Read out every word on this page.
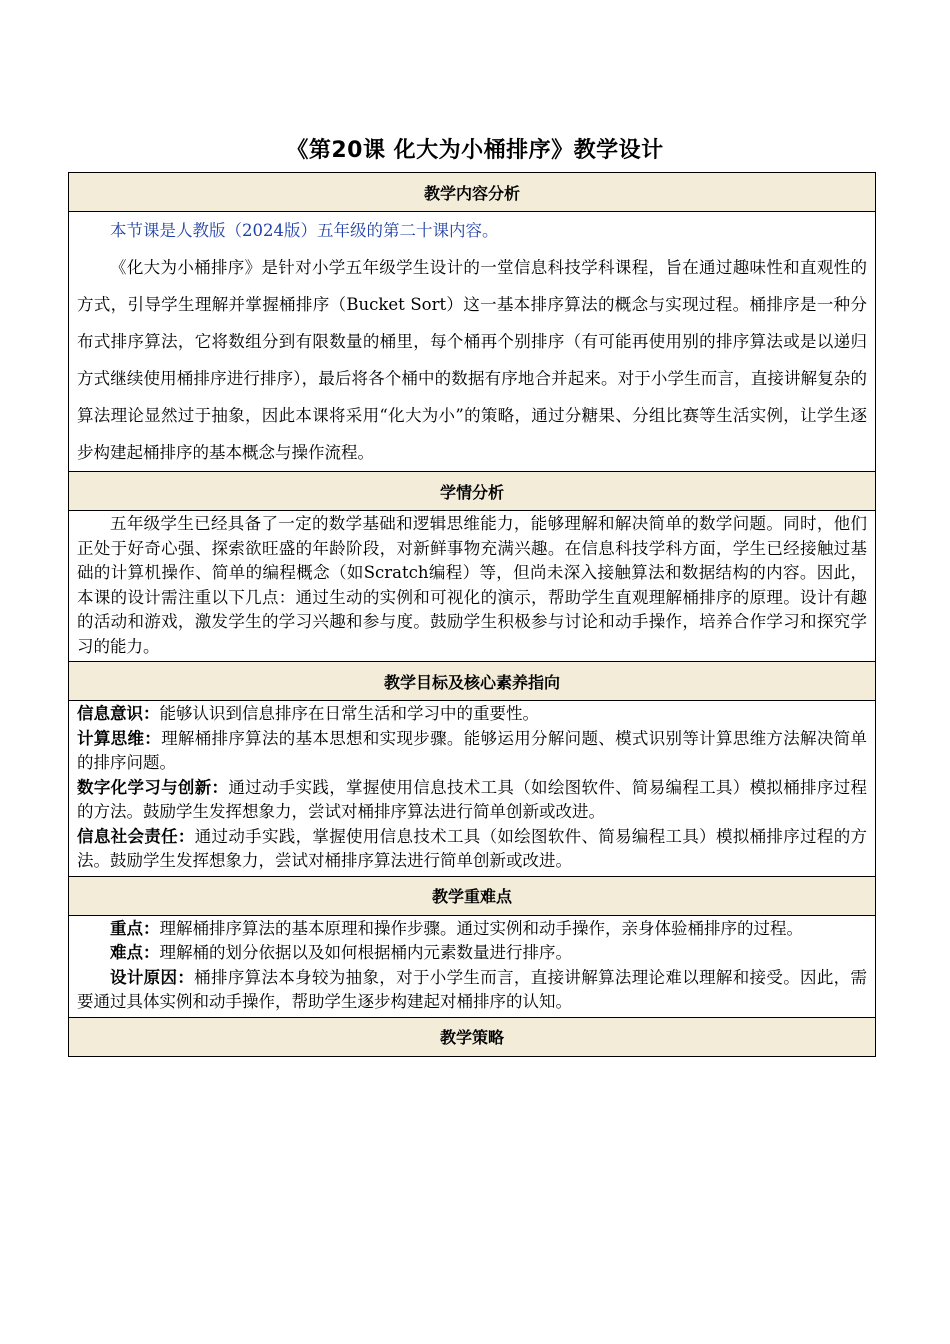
《第20课 化大为小桶排序》教学设计
教学内容分析

本节课是人教版（2024版）五年级的第二十课内容。

《化大为小桶排序》是针对小学五年级学生设计的一堂信息科技学科课程，旨在通过趣味性和直观性的方式，引导学生理解并掌握桶排序（Bucket Sort）这一基本排序算法的概念与实现过程。桶排序是一种分布式排序算法，它将数组分到有限数量的桶里，每个桶再个别排序（有可能再使用别的排序算法或是以递归方式继续使用桶排序进行排序），最后将各个桶中的数据有序地合并起来。对于小学生而言，直接讲解复杂的算法理论显然过于抽象，因此本课将采用“化大为小”的策略，通过分糖果、分组比赛等生活实例，让学生逐步构建起桶排序的基本概念与操作流程。

学情分析

五年级学生已经具备了一定的数学基础和逻辑思维能力，能够理解和解决简单的数学问题。同时，他们正处于好奇心强、探索欲旺盛的年龄阶段，对新鲜事物充满兴趣。在信息科技学科方面，学生已经接触过基础的计算机操作、简单的编程概念（如Scratch编程）等，但尚未深入接触算法和数据结构的内容。因此，本课的设计需注重以下几点：通过生动的实例和可视化的演示，帮助学生直观理解桶排序的原理。设计有趣的活动和游戏，激发学生的学习兴趣和参与度。鼓励学生积极参与讨论和动手操作，培养合作学习和探究学习的能力。

教学目标及核心素养指向

信息意识：能够认识到信息排序在日常生活和学习中的重要性。

计算思维：理解桶排序算法的基本思想和实现步骤。能够运用分解问题、模式识别等计算思维方法解决简单的排序问题。

数字化学习与创新：通过动手实践，掌握使用信息技术工具（如绘图软件、简易编程工具）模拟桶排序过程的方法。鼓励学生发挥想象力，尝试对桶排序算法进行简单创新或改进。

信息社会责任：通过动手实践，掌握使用信息技术工具（如绘图软件、简易编程工具）模拟桶排序过程的方法。鼓励学生发挥想象力，尝试对桶排序算法进行简单创新或改进。

教学重难点

重点：理解桶排序算法的基本原理和操作步骤。通过实例和动手操作，亲身体验桶排序的过程。

难点：理解桶的划分依据以及如何根据桶内元素数量进行排序。

设计原因：桶排序算法本身较为抽象，对于小学生而言，直接讲解算法理论难以理解和接受。因此，需要通过具体实例和动手操作，帮助学生逐步构建起对桶排序的认知。

教学策略
